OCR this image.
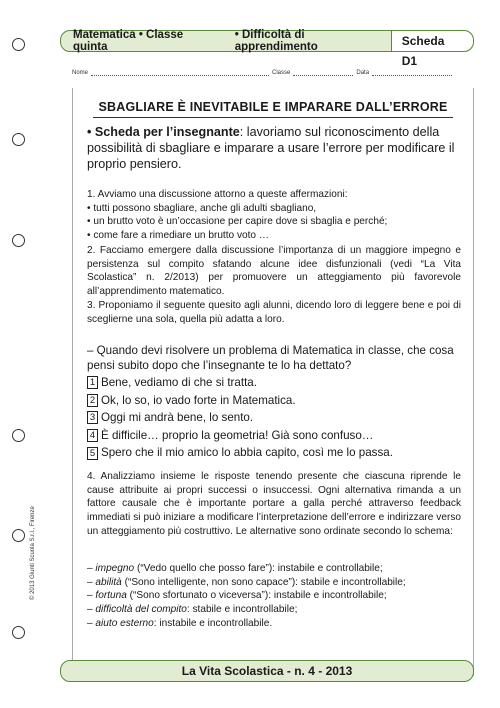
© 2013 Giunti Scuola S.r.l., Firenze
Matematica • Classe quinta
• Difficoltà di apprendimento	Scheda D1
Nome	Classe	Data
SBAGLIARE È INEVITABILE E IMPARARE DALL’ERRORE
• Scheda per l’insegnante: lavoriamo sul riconoscimento della possibilità di sbagliare e imparare a usare l’errore per modificare il proprio pensiero.
1. Avviamo una discussione attorno a queste affermazioni:
• tutti possono sbagliare, anche gli adulti sbagliano,
• un brutto voto è un’occasione per capire dove si sbaglia e perché;
• come fare a rimediare un brutto voto …
2. Facciamo emergere dalla discussione l’importanza di un maggiore impegno e persistenza sul compito sfatando alcune idee disfunzionali (vedi “La Vita Scolastica” n. 2/2013) per promuovere un atteggiamento più favorevole all’apprendimento matematico.
3. Proponiamo il seguente quesito agli alunni, dicendo loro di leggere bene e poi di sceglierne una sola, quella più adatta a loro.
– Quando devi risolvere un problema di Matematica in classe, che cosa pensi subito dopo che l’insegnante te lo ha dettato?
1 Bene, vediamo di che si tratta.
2 Ok, lo so, io vado forte in Matematica.
3 Oggi mi andrà bene, lo sento.
4 È difficile… proprio la geometria! Già sono confuso…
5 Spero che il mio amico lo abbia capito, così me lo passa.
4. Analizziamo insieme le risposte tenendo presente che ciascuna riprende le cause attribuite ai propri successi o insuccessi. Ogni alternativa rimanda a un fattore causale che è importante portare a galla perché attraverso feedback immediati si può iniziare a modificare l’interpretazione dell’errore e indirizzare verso un atteggiamento più costruttivo. Le alternative sono ordinate secondo lo schema:
– impegno (“Vedo quello che posso fare”): instabile e controllabile;
– abilità (“Sono intelligente, non sono capace”): stabile e incontrollabile;
– fortuna (“Sono sfortunato o viceversa”): instabile e incontrollabile;
– difficoltà del compito: stabile e incontrollabile;
– aiuto esterno: instabile e incontrollabile.
La Vita Scolastica - n. 4 - 2013
